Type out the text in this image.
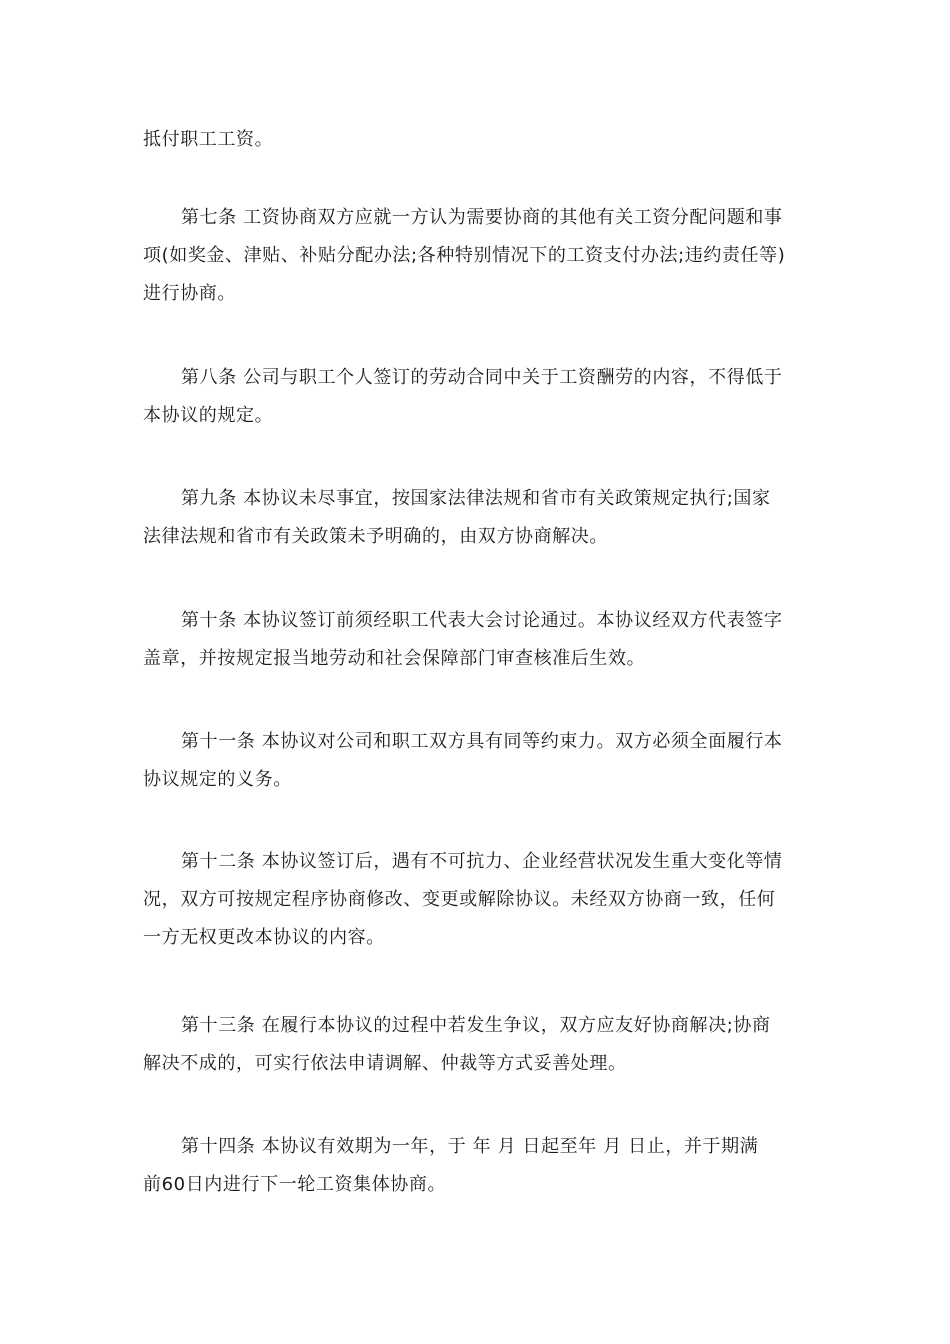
抵付职工工资。

第七条 工资协商双方应就一方认为需要协商的其他有关工资分配问题和事
项(如奖金、津贴、补贴分配办法;各种特别情况下的工资支付办法;违约责任等)
进行协商。

第八条 公司与职工个人签订的劳动合同中关于工资酬劳的内容，不得低于
本协议的规定。

第九条 本协议未尽事宜，按国家法律法规和省市有关政策规定执行;国家
法律法规和省市有关政策未予明确的，由双方协商解决。

第十条 本协议签订前须经职工代表大会讨论通过。本协议经双方代表签字
盖章，并按规定报当地劳动和社会保障部门审查核准后生效。

第十一条 本协议对公司和职工双方具有同等约束力。双方必须全面履行本
协议规定的义务。

第十二条 本协议签订后，遇有不可抗力、企业经营状况发生重大变化等情
况，双方可按规定程序协商修改、变更或解除协议。未经双方协商一致，任何
一方无权更改本协议的内容。

第十三条 在履行本协议的过程中若发生争议，双方应友好协商解决;协商
解决不成的，可实行依法申请调解、仲裁等方式妥善处理。

第十四条 本协议有效期为一年，于 年 月 日起至年 月 日止，并于期满
前60日内进行下一轮工资集体协商。
